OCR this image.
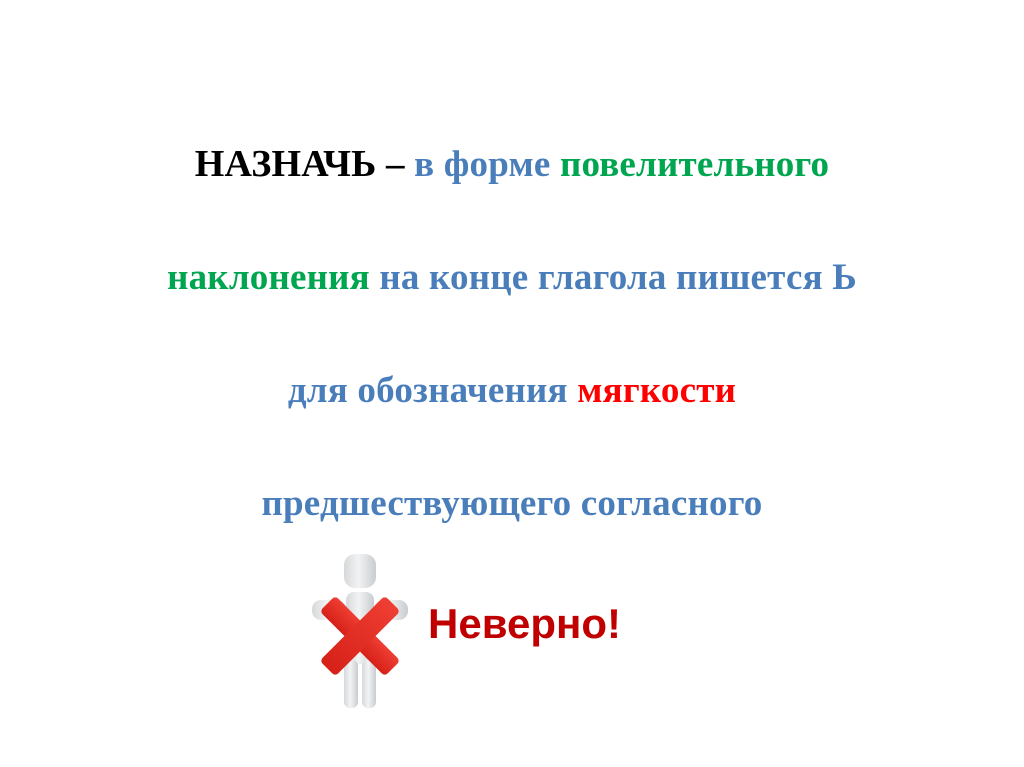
НАЗНАЧЬ – в форме повелительного
наклонения на конце глагола пишется Ь
для обозначения мягкости
предшествующего согласного
Неверно!
